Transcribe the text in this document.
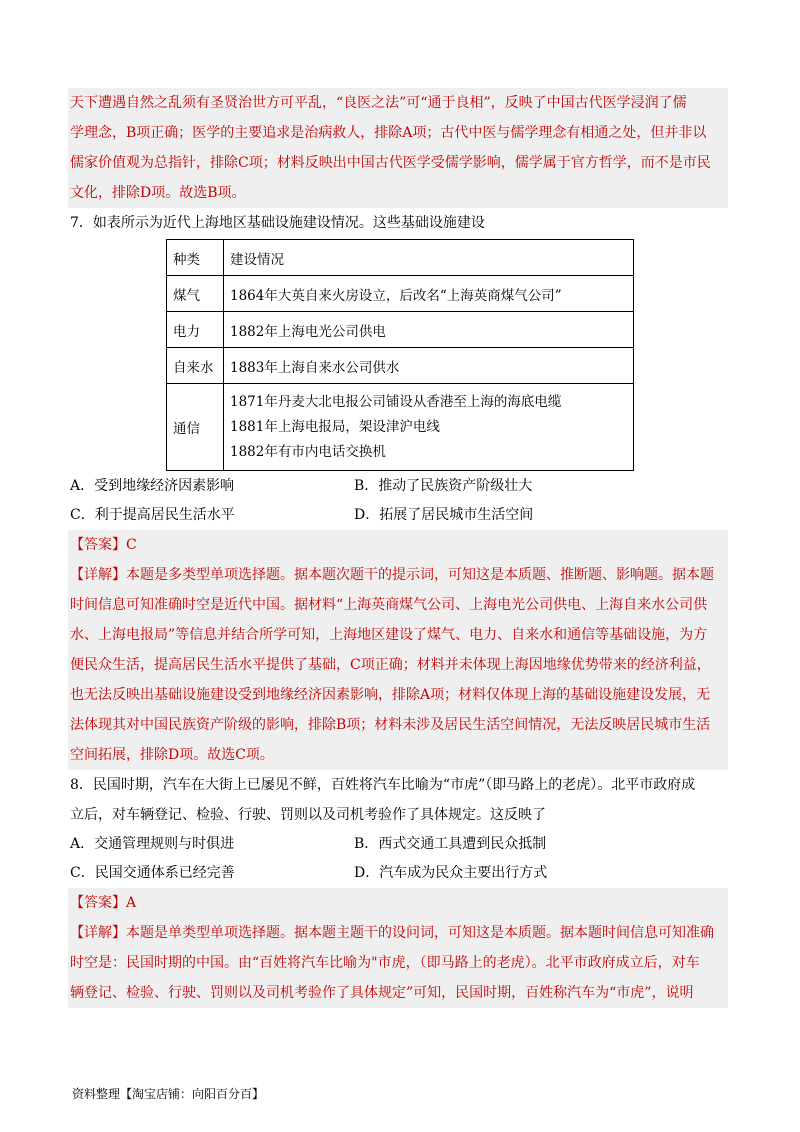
天下遭遇自然之乱须有圣贤治世方可平乱，“良医之法”可“通于良相”，反映了中国古代医学浸润了儒
学理念，B项正确；医学的主要追求是治病救人，排除A项；古代中医与儒学理念有相通之处，但并非以
儒家价值观为总指针，排除C项；材料反映出中国古代医学受儒学影响，儒学属于官方哲学，而不是市民
文化，排除D项。故选B项。
7．如表所示为近代上海地区基础设施建设情况。这些基础设施建设
种类	建设情况
煤气	1864年大英自来火房设立，后改名“上海英商煤气公司”
电力	1882年上海电光公司供电
自来水	1883年上海自来水公司供水
通信	1871年丹麦大北电报公司铺设从香港至上海的海底电缆
1881年上海电报局，架设津沪电线
1882年有市内电话交换机
A．受到地缘经济因素影响	B．推动了民族资产阶级壮大
C．利于提高居民生活水平	D．拓展了居民城市生活空间
【答案】C
【详解】本题是多类型单项选择题。据本题次题干的提示词，可知这是本质题、推断题、影响题。据本题
时间信息可知准确时空是近代中国。据材料“上海英商煤气公司、上海电光公司供电、上海自来水公司供
水、上海电报局”等信息并结合所学可知，上海地区建设了煤气、电力、自来水和通信等基础设施，为方
便民众生活，提高居民生活水平提供了基础，C项正确；材料并未体现上海因地缘优势带来的经济利益，
也无法反映出基础设施建设受到地缘经济因素影响，排除A项；材料仅体现上海的基础设施建设发展，无
法体现其对中国民族资产阶级的影响，排除B项；材料未涉及居民生活空间情况，无法反映居民城市生活
空间拓展，排除D项。故选C项。
8．民国时期，汽车在大街上已屡见不鲜，百姓将汽车比喻为“市虎”（即马路上的老虎）。北平市政府成
立后，对车辆登记、检验、行驶、罚则以及司机考验作了具体规定。这反映了
A．交通管理规则与时俱进	B．西式交通工具遭到民众抵制
C．民国交通体系已经完善	D．汽车成为民众主要出行方式
【答案】A
【详解】本题是单类型单项选择题。据本题主题干的设问词，可知这是本质题。据本题时间信息可知准确
时空是：民国时期的中国。由“百姓将汽车比喻为"市虎，（即马路上的老虎）。北平市政府成立后，对车
辆登记、检验、行驶、罚则以及司机考验作了具体规定”可知，民国时期，百姓称汽车为“市虎”，说明
资料整理【淘宝店铺：向阳百分百】
